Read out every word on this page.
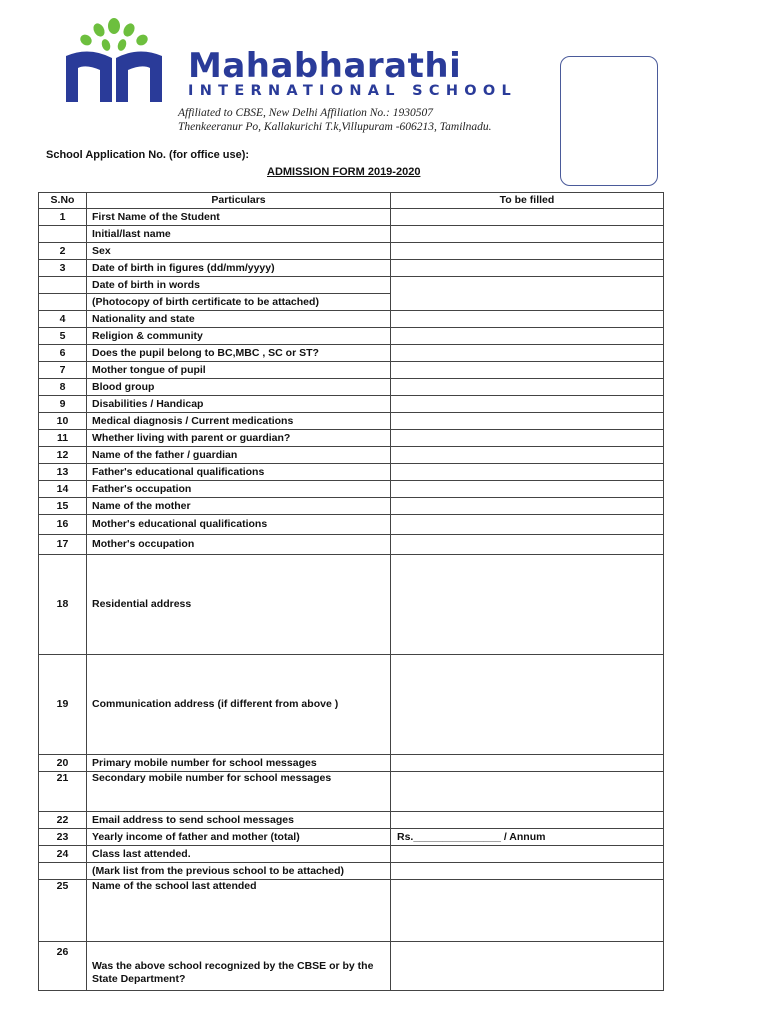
Mahabharathi
INTERNATIONAL SCHOOL
Affiliated to CBSE, New Delhi Affiliation No.: 1930507
Thenkeeranur Po, Kallakurichi T.k,Villupuram -606213, Tamilnadu.
School Application No. (for office use):
ADMISSION FORM 2019-2020
S.No	Particulars	To be filled
1	First Name of the Student	
	Initial/last name	
2	Sex	
3	Date of birth in figures (dd/mm/yyyy)	
	Date of birth in words	
	(Photocopy of birth certificate to be attached)	
4	Nationality and state	
5	Religion & community	
6	Does the pupil belong to BC,MBC , SC or ST?	
7	Mother tongue of pupil	
8	Blood group	
9	Disabilities / Handicap	
10	Medical diagnosis / Current medications	
11	Whether living with parent or guardian?	
12	Name of the father / guardian	
13	Father's educational qualifications	
14	Father's occupation	
15	Name of the mother	
16	Mother's educational qualifications	
17	Mother's occupation	
18	Residential address	
19	Communication address (if different from above )	
20	Primary mobile number for school messages	
21	Secondary mobile number for school messages	
22	Email address to send school messages	
23	Yearly income of father and mother (total)	Rs._______________ / Annum
24	Class last attended.	
	(Mark list from the previous school to be attached)	
25	Name of the school last attended	
26	Was the above school recognized by the CBSE or by the State Department?	
